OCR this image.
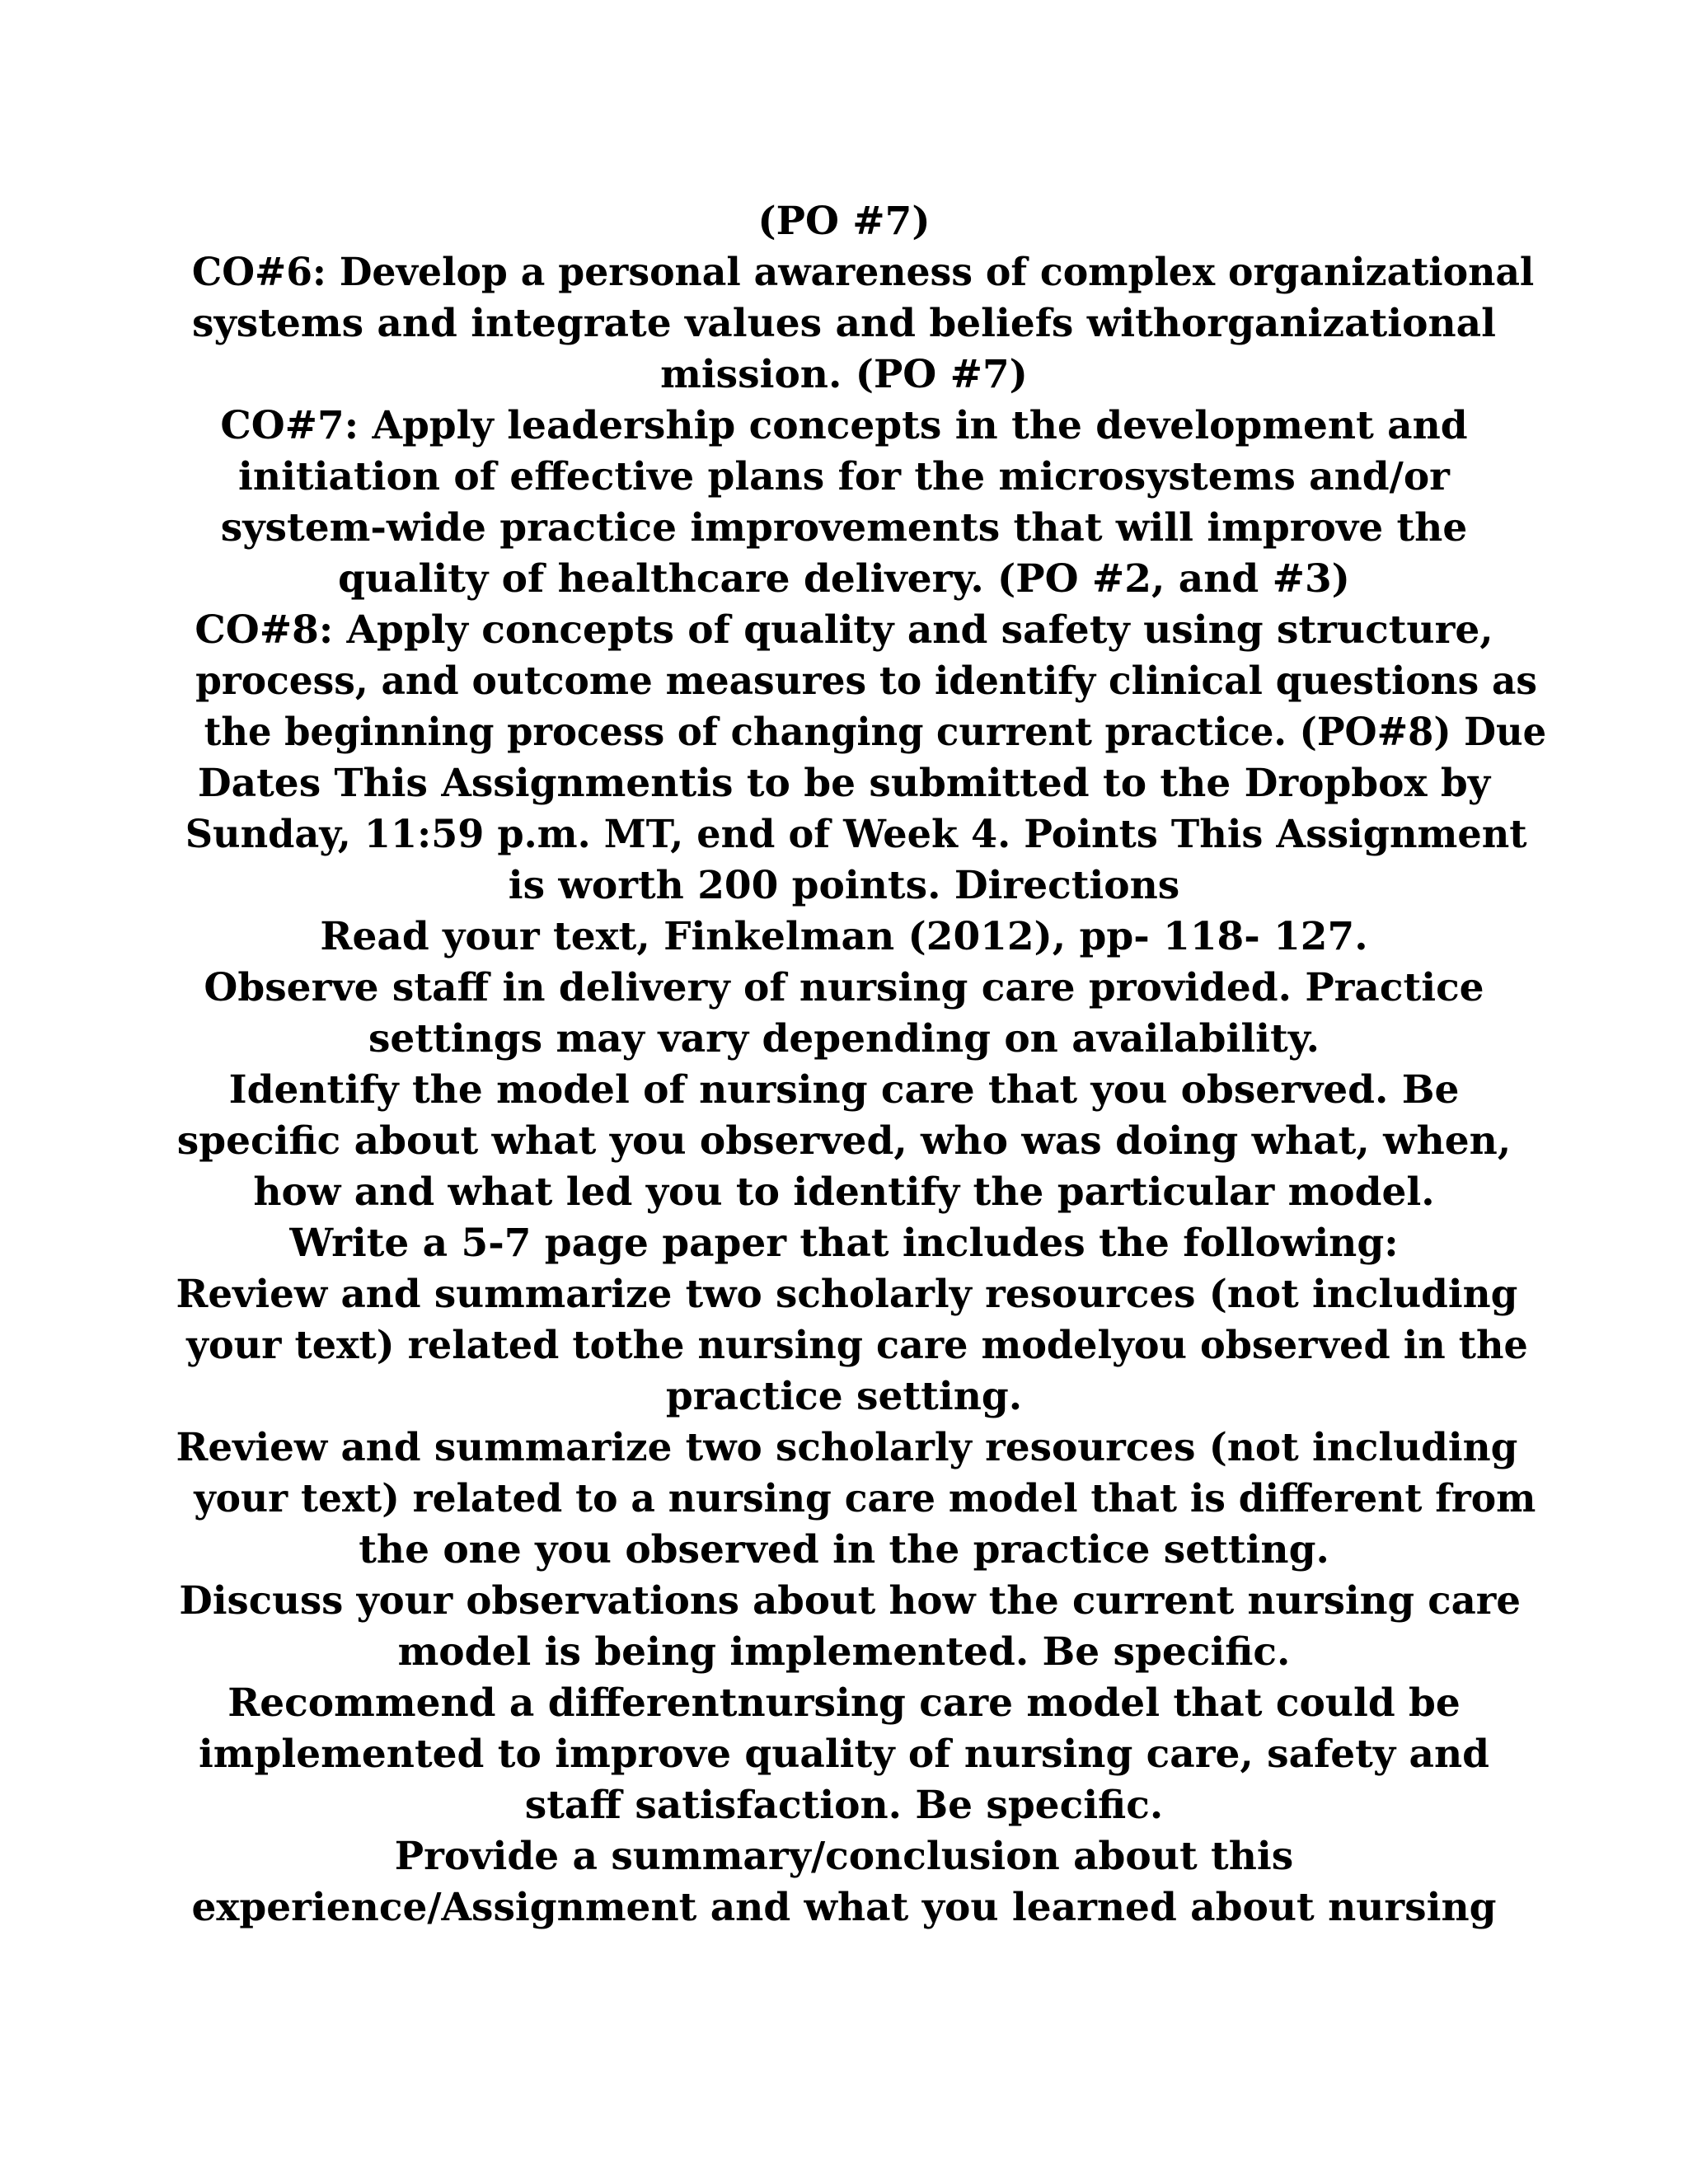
(PO #7)
CO#6: Develop a personal awareness of complex organizational
systems and integrate values and beliefs withorganizational
mission. (PO #7)
CO#7: Apply leadership concepts in the development and
initiation of effective plans for the microsystems and/or
system-wide practice improvements that will improve the
quality of healthcare delivery. (PO #2, and #3)
CO#8: Apply concepts of quality and safety using structure,
process, and outcome measures to identify clinical questions as
the beginning process of changing current practice. (PO#8) Due
Dates This Assignmentis to be submitted to the Dropbox by
Sunday, 11:59 p.m. MT, end of Week 4. Points This Assignment
is worth 200 points. Directions
Read your text, Finkelman (2012), pp- 118- 127.
Observe staff in delivery of nursing care provided. Practice
settings may vary depending on availability.
Identify the model of nursing care that you observed. Be
specific about what you observed, who was doing what, when,
how and what led you to identify the particular model.
Write a 5-7 page paper that includes the following:
Review and summarize two scholarly resources (not including
your text) related tothe nursing care modelyou observed in the
practice setting.
Review and summarize two scholarly resources (not including
your text) related to a nursing care model that is different from
the one you observed in the practice setting.
Discuss your observations about how the current nursing care
model is being implemented. Be specific.
Recommend a differentnursing care model that could be
implemented to improve quality of nursing care, safety and
staff satisfaction. Be specific.
Provide a summary/conclusion about this
experience/Assignment and what you learned about nursing
